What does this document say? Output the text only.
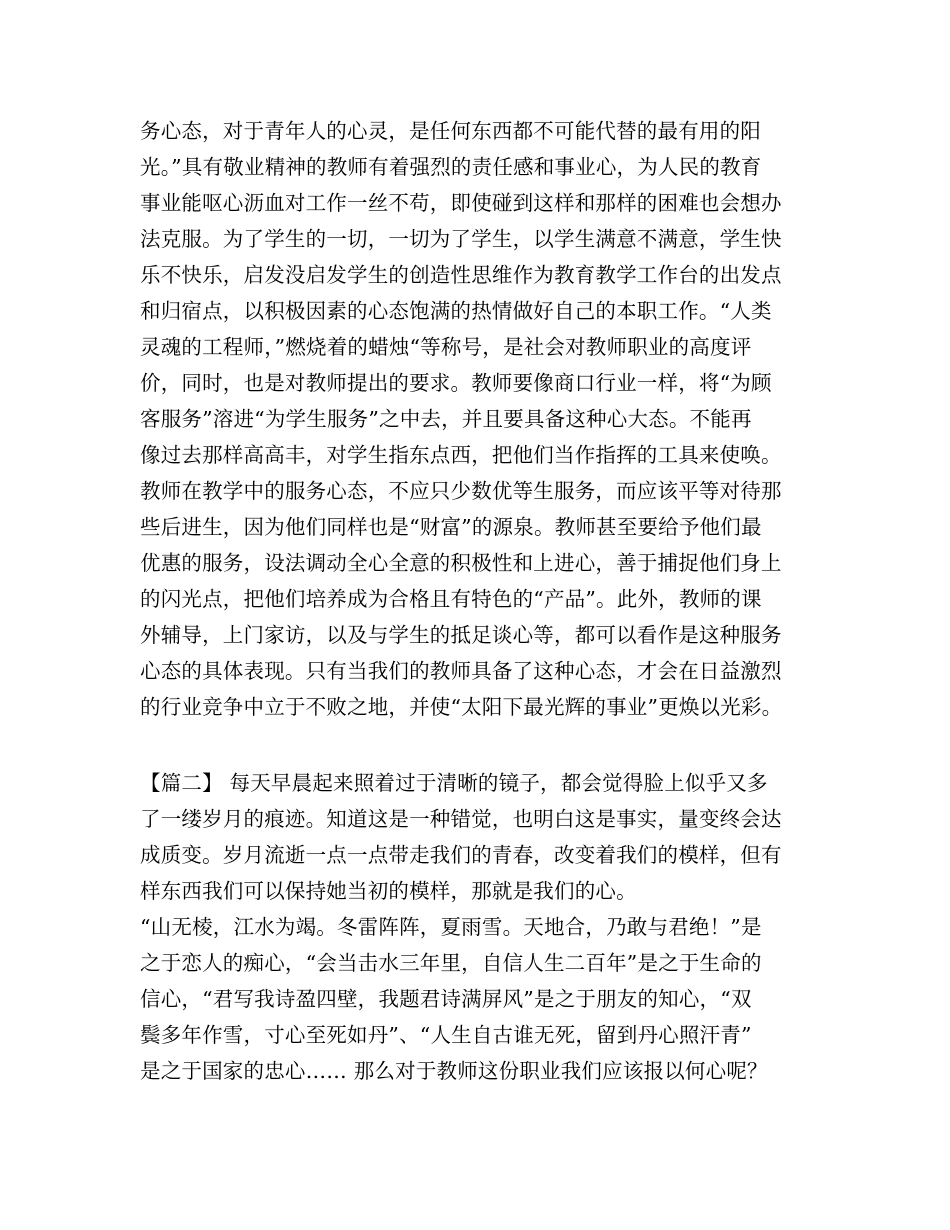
务心态，对于青年人的心灵，是任何东西都不可能代替的最有用的阳
光。”具有敬业精神的教师有着强烈的责任感和事业心，为人民的教育
事业能呕心沥血对工作一丝不苟，即使碰到这样和那样的困难也会想办
法克服。为了学生的一切，一切为了学生，以学生满意不满意，学生快
乐不快乐，启发没启发学生的创造性思维作为教育教学工作台的出发点
和归宿点，以积极因素的心态饱满的热情做好自己的本职工作。“人类
灵魂的工程师，”燃烧着的蜡烛“等称号，是社会对教师职业的高度评
价，同时，也是对教师提出的要求。教师要像商口行业一样，将“为顾
客服务”溶进“为学生服务”之中去，并且要具备这种心大态。不能再
像过去那样高高丰，对学生指东点西，把他们当作指挥的工具来使唤。
教师在教学中的服务心态，不应只少数优等生服务，而应该平等对待那
些后进生，因为他们同样也是“财富”的源泉。教师甚至要给予他们最
优惠的服务，设法调动全心全意的积极性和上进心，善于捕捉他们身上
的闪光点，把他们培养成为合格且有特色的“产品”。此外，教师的课
外辅导，上门家访，以及与学生的抵足谈心等，都可以看作是这种服务
心态的具体表现。只有当我们的教师具备了这种心态，才会在日益激烈
的行业竞争中立于不败之地，并使“太阳下最光辉的事业”更焕以光彩。
【篇二】 每天早晨起来照着过于清晰的镜子，都会觉得脸上似乎又多
了一缕岁月的痕迹。知道这是一种错觉，也明白这是事实，量变终会达
成质变。岁月流逝一点一点带走我们的青春，改变着我们的模样，但有
样东西我们可以保持她当初的模样，那就是我们的心。
“山无棱，江水为竭。冬雷阵阵，夏雨雪。天地合，乃敢与君绝！”是
之于恋人的痴心，“会当击水三年里，自信人生二百年”是之于生命的
信心，“君写我诗盈四壁，我题君诗满屏风”是之于朋友的知心，“双
鬓多年作雪，寸心至死如丹”、“人生自古谁无死，留到丹心照汗青”
是之于国家的忠心…… 那么对于教师这份职业我们应该报以何心呢？
